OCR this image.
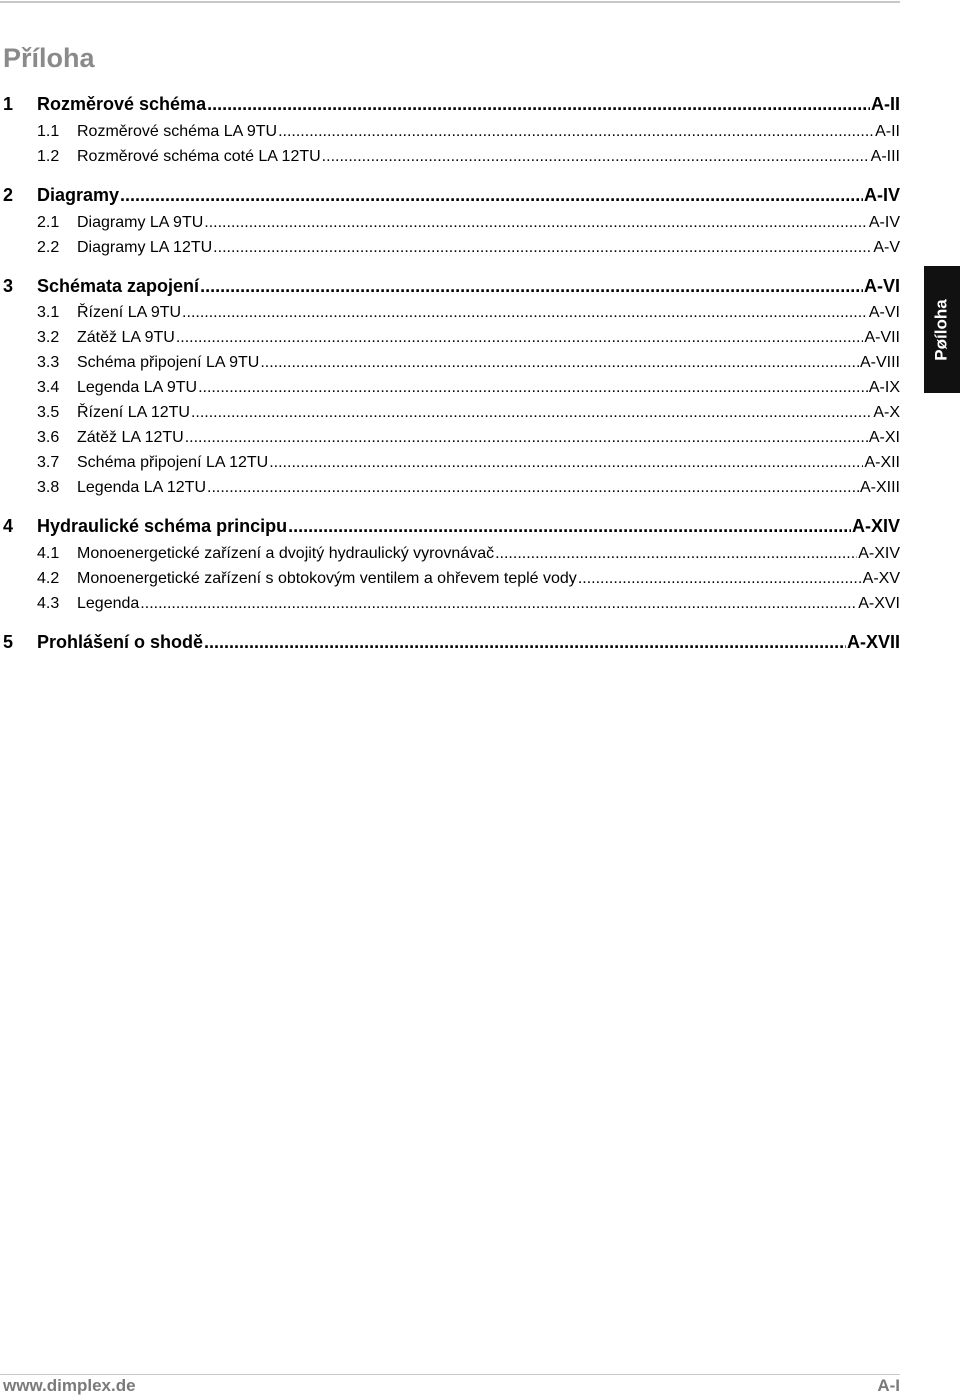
Příloha
1	Rozměrové schéma .....	A-II
1.1	Rozměrové schéma LA 9TU .....	A-II
1.2	Rozměrové schéma coté LA 12TU .....	A-III
2	Diagramy .....	A-IV
2.1	Diagramy LA 9TU .....	A-IV
2.2	Diagramy LA 12TU .....	A-V
3	Schémata zapojení .....	A-VI
3.1	Řízení LA 9TU .....	A-VI
3.2	Zátěž LA 9TU .....	A-VII
3.3	Schéma připojení LA 9TU .....	A-VIII
3.4	Legenda LA 9TU .....	A-IX
3.5	Řízení LA 12TU .....	A-X
3.6	Zátěž LA 12TU .....	A-XI
3.7	Schéma připojení LA 12TU .....	A-XII
3.8	Legenda LA 12TU .....	A-XIII
4	Hydraulické schéma principu .....	A-XIV
4.1	Monoenergetické zařízení a dvojitý hydraulický vyrovnávač .....	A-XIV
4.2	Monoenergetické zařízení s obtokovým ventilem a ohřevem teplé vody .....	A-XV
4.3	Legenda .....	A-XVI
5	Prohlášení o shodě .....	A-XVII
Pøíloha
www.dimplex.de	A-I
